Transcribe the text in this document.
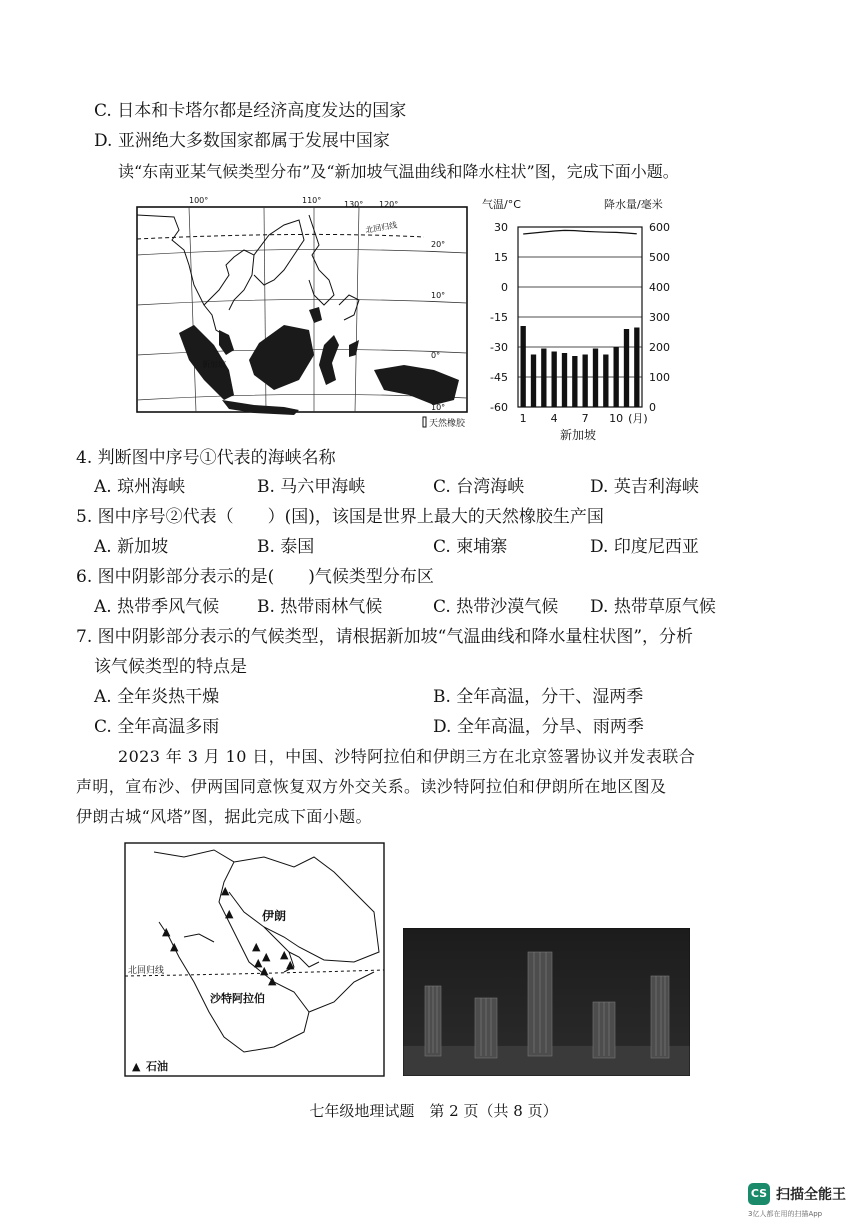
C. 日本和卡塔尔都是经济高度发达的国家
D. 亚洲绝大多数国家都属于发展中国家
读“东南亚某气候类型分布”及“新加坡气温曲线和降水柱状”图，完成下面小题。
110°
100°	120°
130°
20°
10°
0°
10°
北回归线
新加坡
天然橡胶
气温/°C	降水量/毫米
30
15
0
-15
-30
-45
-60
600
500
400
300
200
100
0
1 4 7 10 (月)
新加坡
4. 判断图中序号①代表的海峡名称
A. 琼州海峡	B. 马六甲海峡	C. 台湾海峡	D. 英吉利海峡
5. 图中序号②代表（　　）(国)，该国是世界上最大的天然橡胶生产国
A. 新加坡	B. 泰国	C. 柬埔寨	D. 印度尼西亚
6. 图中阴影部分表示的是(　　)气候类型分布区
A. 热带季风气候 B. 热带雨林气候	C. 热带沙漠气候 D. 热带草原气候
7. 图中阴影部分表示的气候类型，请根据新加坡“气温曲线和降水量柱状图”，分析
该气候类型的特点是
A. 全年炎热干燥	B. 全年高温，分干、湿两季
C. 全年高温多雨	D. 全年高温，分旱、雨两季
2023 年 3 月 10 日，中国、沙特阿拉伯和伊朗三方在北京签署协议并发表联合
声明，宣布沙、伊两国同意恢复双方外交关系。读沙特阿拉伯和伊朗所在地区图及
伊朗古城“风塔”图，据此完成下面小题。
北回归线
伊朗
沙特阿拉伯
▲
▲
▲
▲
▲
▲
▲
▲
▲ ▲
▲
▲ 石油
七年级地理试题　第 2 页（共 8 页）
CS 扫描全能王
3亿人都在用的扫描App
